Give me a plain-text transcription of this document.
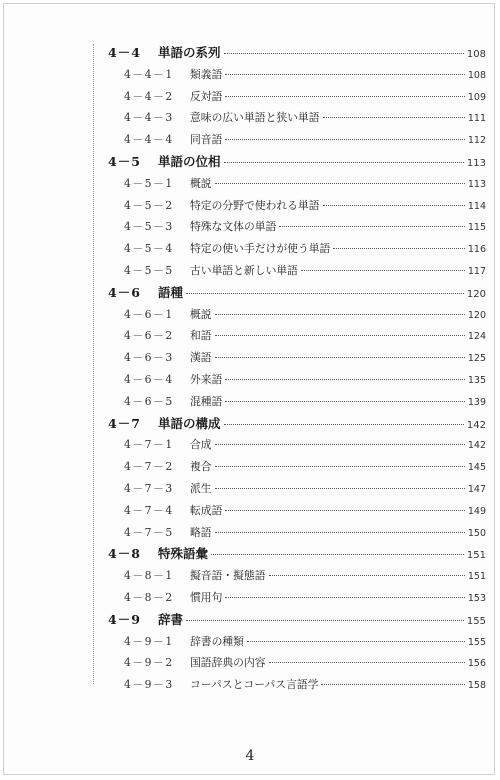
4－4	単語の系列	108
4－4－1	類義語	108
4－4－2	反対語	109
4－4－3	意味の広い単語と狭い単語	111
4－4－4	同音語	112
4－5	単語の位相	113
4－5－1	概説	113
4－5－2	特定の分野で使われる単語	114
4－5－3	特殊な文体の単語	115
4－5－4	特定の使い手だけが使う単語	116
4－5－5	古い単語と新しい単語	117
4－6	語種	120
4－6－1	概説	120
4－6－2	和語	124
4－6－3	漢語	125
4－6－4	外来語	135
4－6－5	混種語	139
4－7	単語の構成	142
4－7－1	合成	142
4－7－2	複合	145
4－7－3	派生	147
4－7－4	転成語	149
4－7－5	略語	150
4－8	特殊語彙	151
4－8－1	擬音語・擬態語	151
4－8－2	慣用句	153
4－9	辞書	155
4－9－1	辞書の種類	155
4－9－2	国語辞典の内容	156
4－9－3	コーパスとコーパス言語学	158
4
